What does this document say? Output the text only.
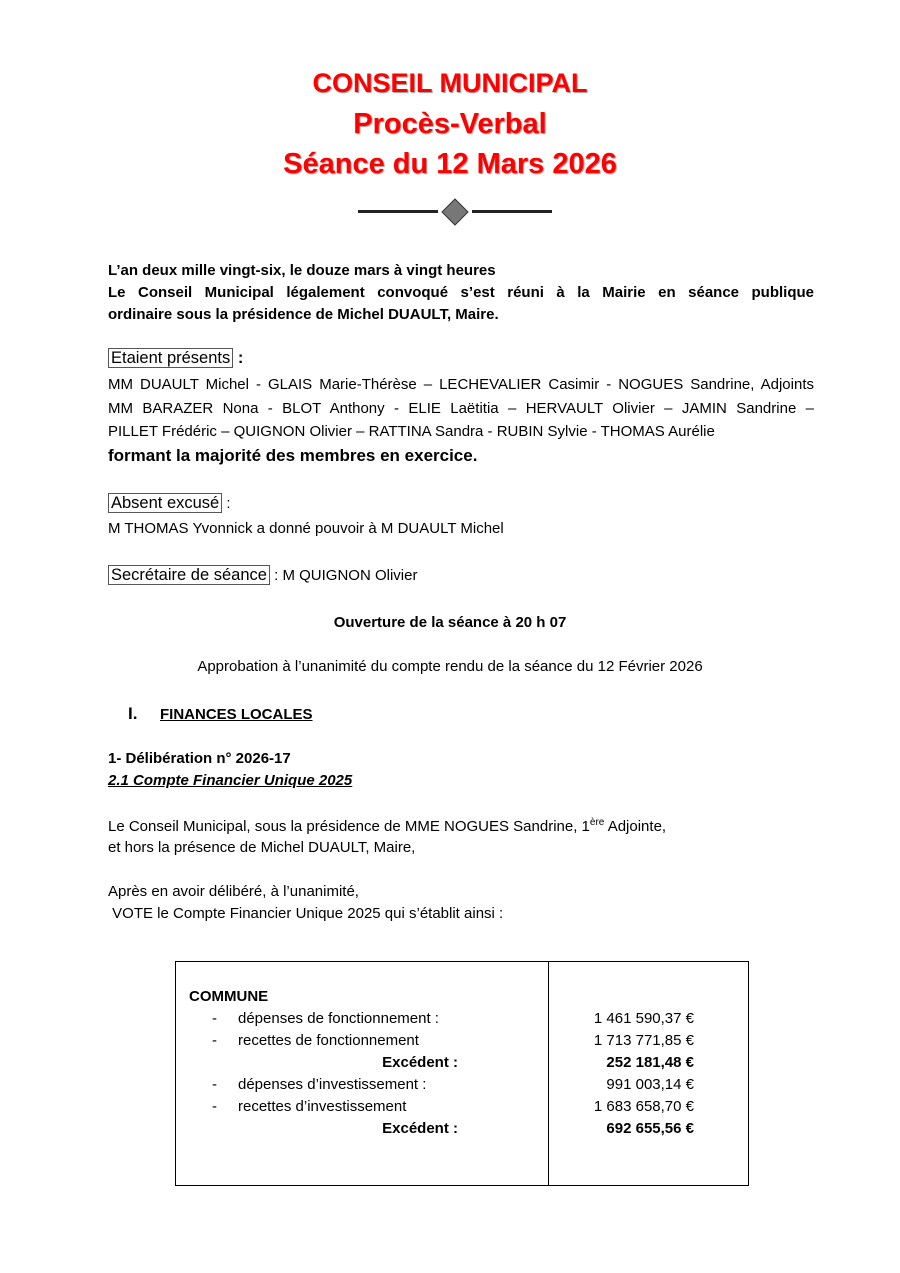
CONSEIL MUNICIPAL
Procès-Verbal
Séance du 12 Mars 2026
L’an deux mille vingt-six, le douze mars à vingt heures
Le Conseil Municipal légalement convoqué s’est réuni à la Mairie en séance publique
ordinaire sous la présidence de Michel DUAULT, Maire.
Etaient présents :
MM DUAULT Michel - GLAIS Marie-Thérèse – LECHEVALIER Casimir - NOGUES Sandrine, Adjoints
MM BARAZER Nona - BLOT Anthony - ELIE Laëtitia – HERVAULT Olivier – JAMIN Sandrine –
PILLET Frédéric – QUIGNON Olivier – RATTINA Sandra - RUBIN Sylvie - THOMAS Aurélie
formant la majorité des membres en exercice.
Absent excusé :
M THOMAS Yvonnick a donné pouvoir à M DUAULT Michel
Secrétaire de séance : M QUIGNON Olivier
Ouverture de la séance à 20 h 07
Approbation à l’unanimité du compte rendu de la séance du 12 Février 2026
I. FINANCES LOCALES
1- Délibération n° 2026-17
2.1 Compte Financier Unique 2025
Le Conseil Municipal, sous la présidence de MME NOGUES Sandrine, 1ère Adjointe,
et hors la présence de Michel DUAULT, Maire,
Après en avoir délibéré, à l’unanimité,
VOTE le Compte Financier Unique 2025 qui s’établit ainsi :
COMMUNE
- dépenses de fonctionnement :	1 461 590,37 €
- recettes de fonctionnement	1 713 771,85 €
Excédent :	252 181,48 €
- dépenses d’investissement :	991 003,14 €
- recettes d’investissement	1 683 658,70 €
Excédent :	692 655,56 €
